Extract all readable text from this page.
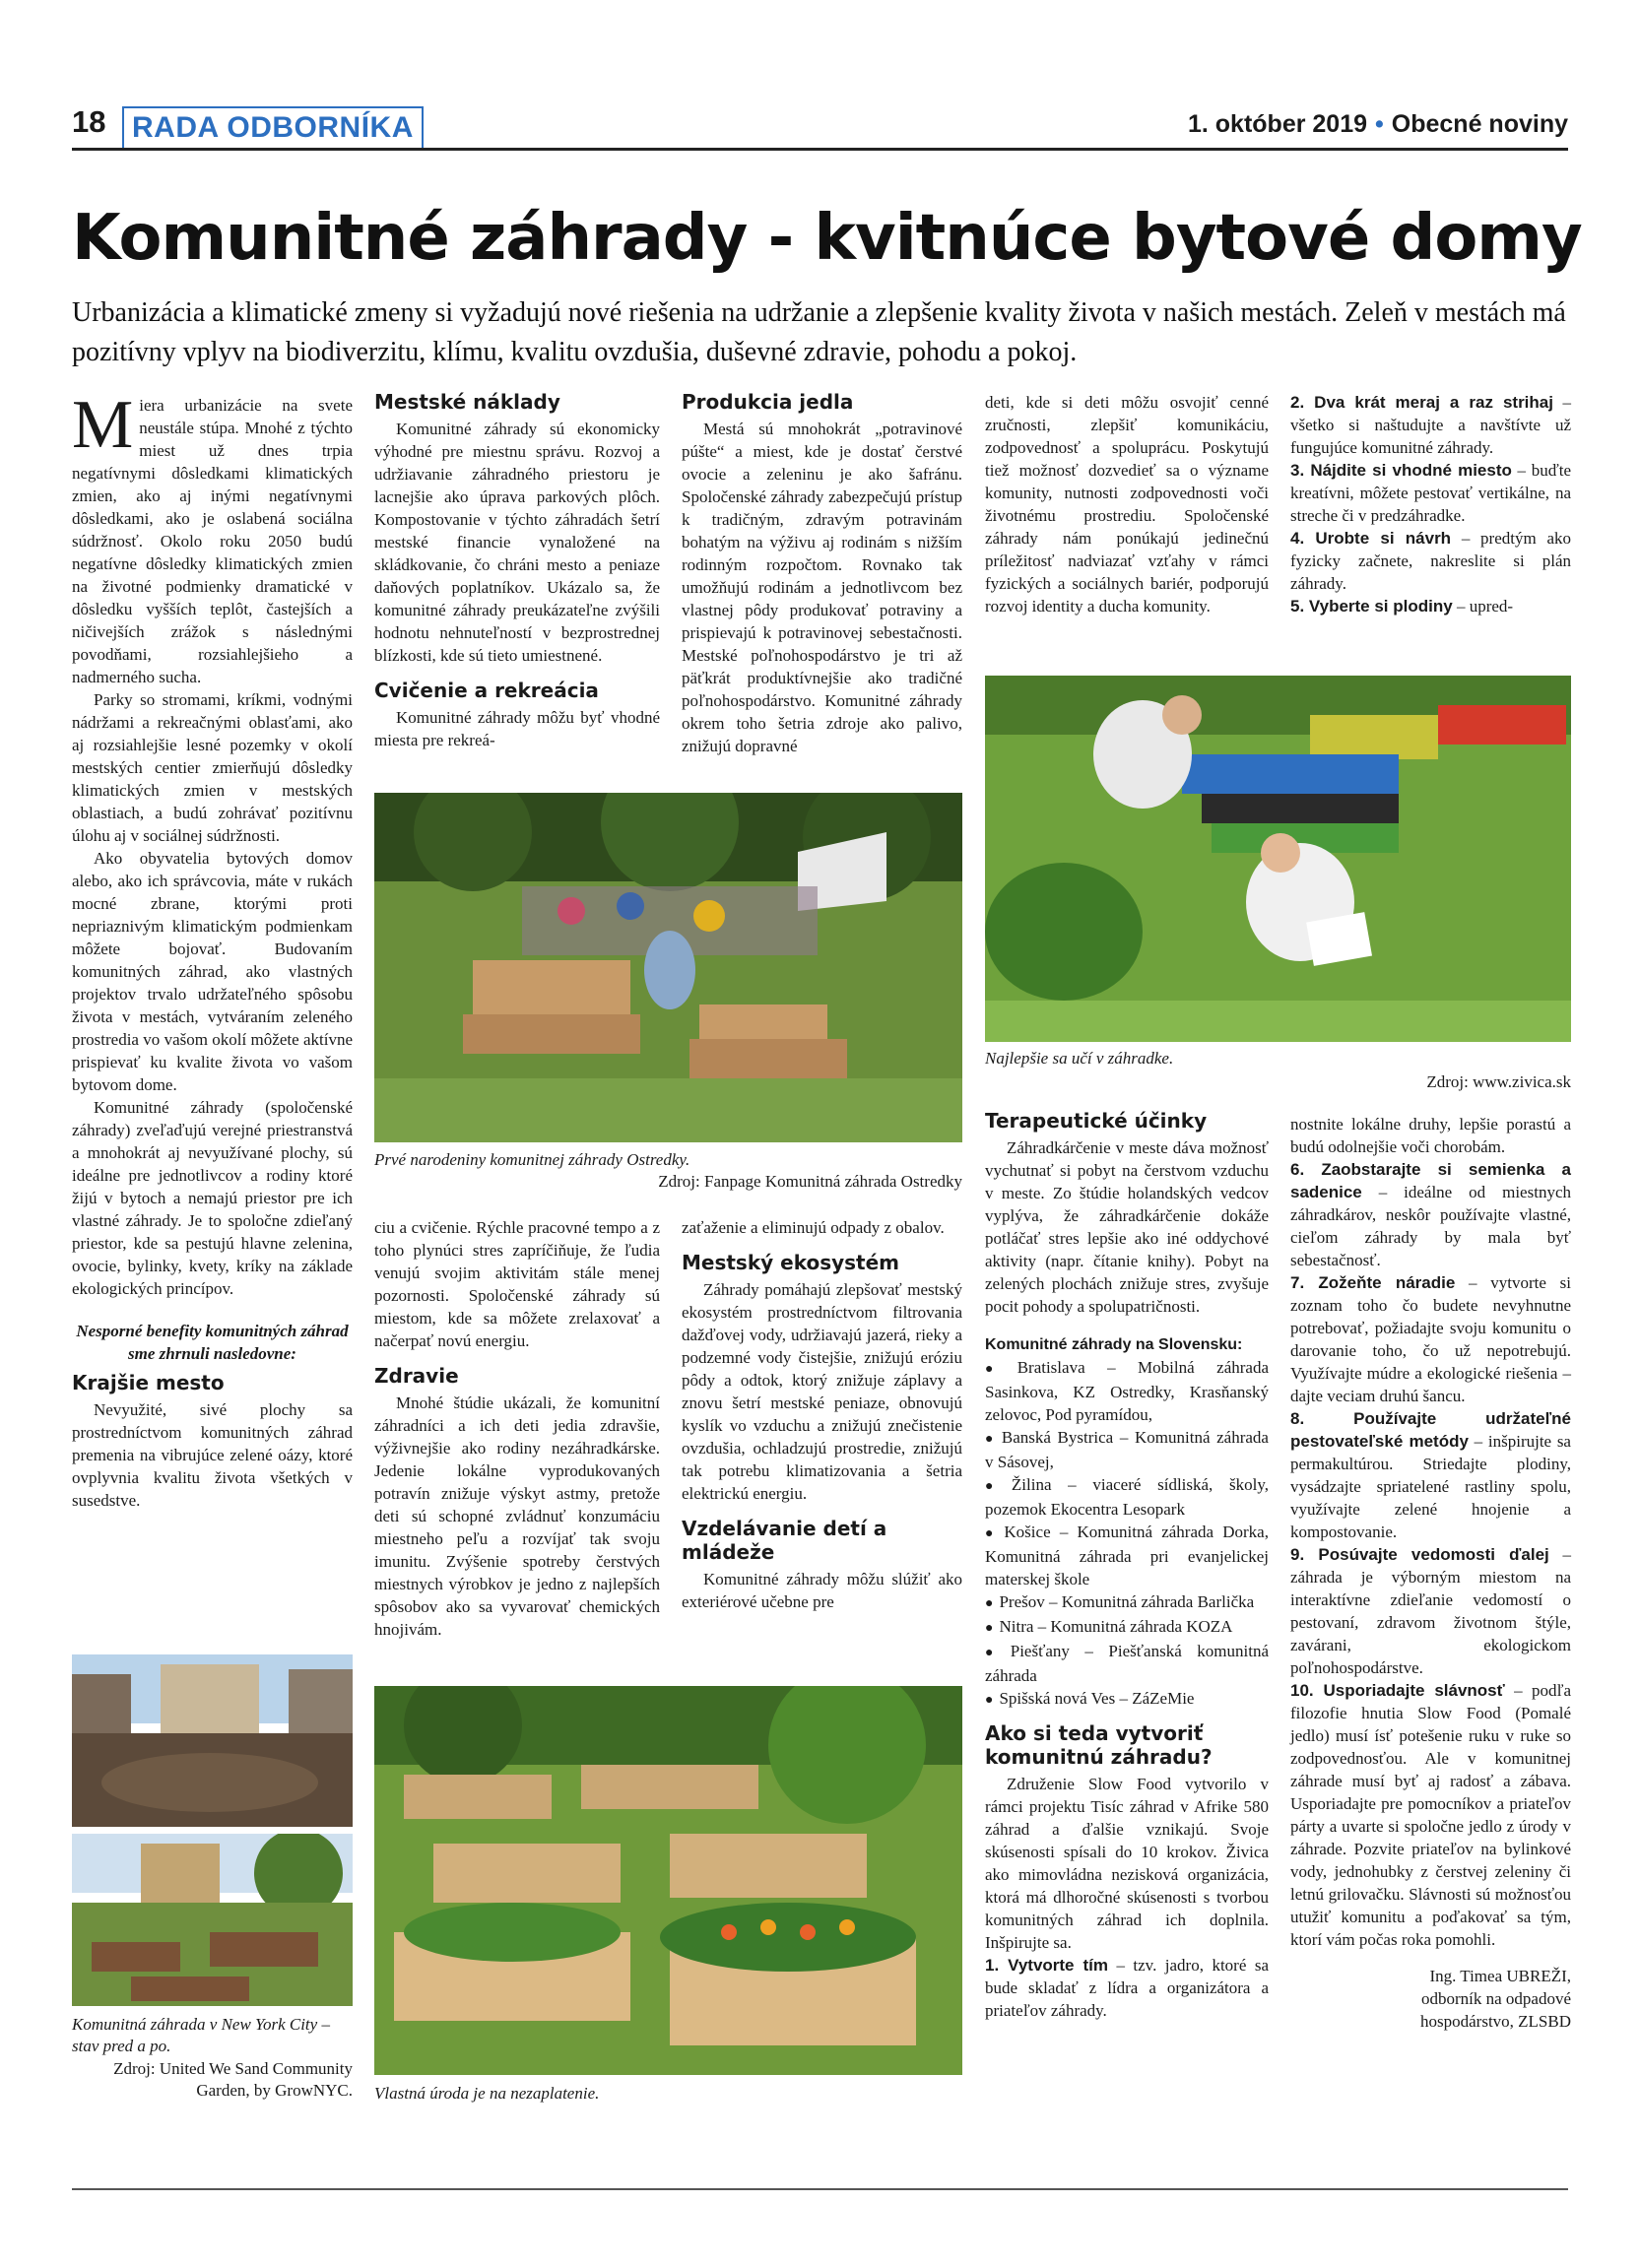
18 RADA ODBORNÍKA	1. október 2019 • Obecné noviny
Komunitné záhrady - kvitnúce bytové domy

Urbanizácia a klimatické zmeny si vyžadujú nové riešenia na udržanie a zlepšenie kvality života v našich mestách. Zeleň v mestách má pozitívny vplyv na biodiverzitu, klímu, kvalitu ovzdušia, duševné zdravie, pohodu a pokoj.

Miera urbanizácie na svete neustále stúpa. Mnohé z týchto miest už dnes trpia negatívnymi dôsledkami klimatických zmien, ako aj inými negatívnymi dôsledkami, ako je oslabená sociálna súdržnosť. Okolo roku 2050 budú negatívne dôsledky klimatických zmien na životné podmienky dramatické v dôsledku vyšších teplôt, častejších a ničivejších zrážok s následnými povodňami, rozsiahlejšieho a nadmerného sucha.

Parky so stromami, kríkmi, vodnými nádržami a rekreačnými oblasťami, ako aj rozsiahlejšie lesné pozemky v okolí mestských centier zmierňujú dôsledky klimatických zmien v mestských oblastiach, a budú zohrávať pozitívnu úlohu aj v sociálnej súdržnosti.

Ako obyvatelia bytových domov alebo, ako ich správcovia, máte v rukách mocné zbrane, ktorými proti nepriaznivým klimatickým podmienkam môžete bojovať. Budovaním komunitných záhrad, ako vlastných projektov trvalo udržateľného spôsobu života v mestách, vytváraním zeleného prostredia vo vašom okolí môžete aktívne prispievať ku kvalite života vo vašom bytovom dome.

Komunitné záhrady (spoločenské záhrady) zveľaďujú verejné priestranstvá a mnohokrát aj nevyužívané plochy, sú ideálne pre jednotlivcov a rodiny ktoré žijú v bytoch a nemajú priestor pre ich vlastné záhrady. Je to spoločne zdieľaný priestor, kde sa pestujú hlavne zelenina, ovocie, bylinky, kvety, kríky na základe ekologických princípov.

Nesporné benefity komunitných záhrad sme zhrnuli nasledovne:

Krajšie mesto

Nevyužité, sivé plochy sa prostredníctvom komunitných záhrad premenia na vibrujúce zelené oázy, ktoré ovplyvnia kvalitu života všetkých v susedstve.

Komunitná záhrada v New York City – stav pred a po.
Zdroj: United We Sand Community Garden, by GrowNYC.
Mestské náklady

Komunitné záhrady sú ekonomicky výhodné pre miestnu správu. Rozvoj a udržiavanie záhradného priestoru je lacnejšie ako úprava parkových plôch. Kompostovanie v týchto záhradách šetrí mestské financie vynaložené na skládkovanie, čo chráni mesto a peniaze daňových poplatníkov. Ukázalo sa, že komunitné záhrady preukázateľne zvýšili hodnotu nehnuteľností v bezprostrednej blízkosti, kde sú tieto umiestnené.

Cvičenie a rekreácia

Komunitné záhrady môžu byť vhodné miesta pre rekreá-

Produkcia jedla

Mestá sú mnohokrát „potravinové púšte“ a miest, kde je dostať čerstvé ovocie a zeleninu je ako šafránu. Spoločenské záhrady zabezpečujú prístup k tradičným, zdravým potravinám bohatým na výživu aj rodinám s nižším rodinným rozpočtom. Rovnako tak umožňujú rodinám a jednotlivcom bez vlastnej pôdy produkovať potraviny a prispievajú k potravinovej sebestačnosti. Mestské poľnohospodárstvo je tri až päťkrát produktívnejšie ako tradičné poľnohospodárstvo. Komunitné záhrady okrem toho šetria zdroje ako palivo, znižujú dopravné

deti, kde si deti môžu osvojiť cenné zručnosti, zlepšiť komunikáciu, zodpovednosť a spoluprácu. Poskytujú tiež možnosť dozvedieť sa o význame komunity, nutnosti zodpovednosti voči životnému prostrediu. Spoločenské záhrady nám ponúkajú jedinečnú príležitosť nadviazať vzťahy v rámci fyzických a sociálnych bariér, podporujú rozvoj identity a ducha komunity.

2. Dva krát meraj a raz strihaj – všetko si naštudujte a navštívte už fungujúce komunitné záhrady.

3. Nájdite si vhodné miesto – buďte kreatívni, môžete pestovať vertikálne, na streche či v predzáhradke.

4. Urobte si návrh – predtým ako fyzicky začnete, nakreslite si plán záhrady.

5. Vyberte si plodiny – upred-

Prvé narodeniny komunitnej záhrady Ostredky.
Zdroj: Fanpage Komunitná záhrada Ostredky
Najlepšie sa učí v záhradke.
Zdroj: www.zivica.sk

ciu a cvičenie. Rýchle pracovné tempo a z toho plynúci stres zapríčiňuje, že ľudia venujú svojim aktivitám stále menej pozornosti. Spoločenské záhrady sú miestom, kde sa môžete zrelaxovať a načerpať novú energiu.

Zdravie

Mnohé štúdie ukázali, že komunitní záhradníci a ich deti jedia zdravšie, výživnejšie ako rodiny nezáhradkárske. Jedenie lokálne vyprodukovaných potravín znižuje výskyt astmy, pretože deti sú schopné zvládnuť konzumáciu miestneho peľu a rozvíjať tak svoju imunitu. Zvýšenie spotreby čerstvých miestnych výrobkov je jedno z najlepších spôsobov ako sa vyvarovať chemických hnojivám.

zaťaženie a eliminujú odpady z obalov.

Mestský ekosystém

Záhrady pomáhajú zlepšovať mestský ekosystém prostredníctvom filtrovania dažďovej vody, udržiavajú jazerá, rieky a podzemné vody čistejšie, znižujú eróziu pôdy a odtok, ktorý znižuje záplavy a znovu šetrí mestské peniaze, obnovujú kyslík vo vzduchu a znižujú znečistenie ovzdušia, ochladzujú prostredie, znižujú tak potrebu klimatizovania a šetria elektrickú energiu.

Vzdelávanie detí a mládeže

Komunitné záhrady môžu slúžiť ako exteriérové učebne pre

Vlastná úroda je na nezaplatenie.
Terapeutické účinky

Záhradkárčenie v meste dáva možnosť vychutnať si pobyt na čerstvom vzduchu v meste. Zo štúdie holandských vedcov vyplýva, že záhradkárčenie dokáže potláčať stres lepšie ako iné oddychové aktivity (napr. čítanie knihy). Pobyt na zelených plochách znižuje stres, zvyšuje pocit pohody a spolupatričnosti.

Komunitné záhrady na Slovensku:

● Bratislava – Mobilná záhrada Sasinkova, KZ Ostredky, Krasňanský zelovoc, Pod pyramídou,
● Banská Bystrica – Komunitná záhrada v Sásovej,
● Žilina – viaceré sídliská, školy, pozemok Ekocentra Lesopark
● Košice – Komunitná záhrada Dorka, Komunitná záhrada pri evanjelickej materskej škole
● Prešov – Komunitná záhrada Barlička
● Nitra – Komunitná záhrada KOZA
● Piešťany – Piešťanská komunitná záhrada
● Spišská nová Ves – ZáZeMie
Ako si teda vytvoriť komunitnú záhradu?

Združenie Slow Food vytvorilo v rámci projektu Tisíc záhrad v Afrike 580 záhrad a ďalšie vznikajú. Svoje skúsenosti spísali do 10 krokov. Živica ako mimovládna nezisková organizácia, ktorá má dlhoročné skúsenosti s tvorbou komunitných záhrad ich doplnila. Inšpirujte sa.

1. Vytvorte tím – tzv. jadro, ktoré sa bude skladať z lídra a organizátora a priateľov záhrady.

nostnite lokálne druhy, lepšie porastú a budú odolnejšie voči chorobám.

6. Zaobstarajte si semienka a sadenice – ideálne od miestnych záhradkárov, neskôr používajte vlastné, cieľom záhrady by mala byť sebestačnosť.

7. Zožeňte náradie – vytvorte si zoznam toho čo budete nevyhnutne potrebovať, požiadajte svoju komunitu o darovanie toho, čo už nepotrebujú. Využívajte múdre a ekologické riešenia – dajte veciam druhú šancu.

8. Používajte udržateľné pestovateľské metódy – inšpirujte sa permakultúrou. Striedajte plodiny, vysádzajte spriatelené rastliny spolu, využívajte zelené hnojenie a kompostovanie.

9. Posúvajte vedomosti ďalej – záhrada je výborným miestom na interaktívne zdieľanie vedomostí o pestovaní, zdravom životnom štýle, zavárani, ekologickom poľnohospodárstve.

10. Usporiadajte slávnosť – podľa filozofie hnutia Slow Food (Pomalé jedlo) musí ísť potešenie ruku v ruke so zodpovednosťou. Ale v komunitnej záhrade musí byť aj radosť a zábava. Usporiadajte pre pomocníkov a priateľov párty a uvarte si spoločne jedlo z úrody v záhrade. Pozvite priateľov na bylinkové vody, jednohubky z čerstvej zeleniny či letnú grilovačku. Slávnosti sú možnosťou utužiť komunitu a poďakovať sa tým, ktorí vám počas roka pomohli.

Ing. Timea UBREŽI,

odborník na odpadové

hospodárstvo, ZLSBD
